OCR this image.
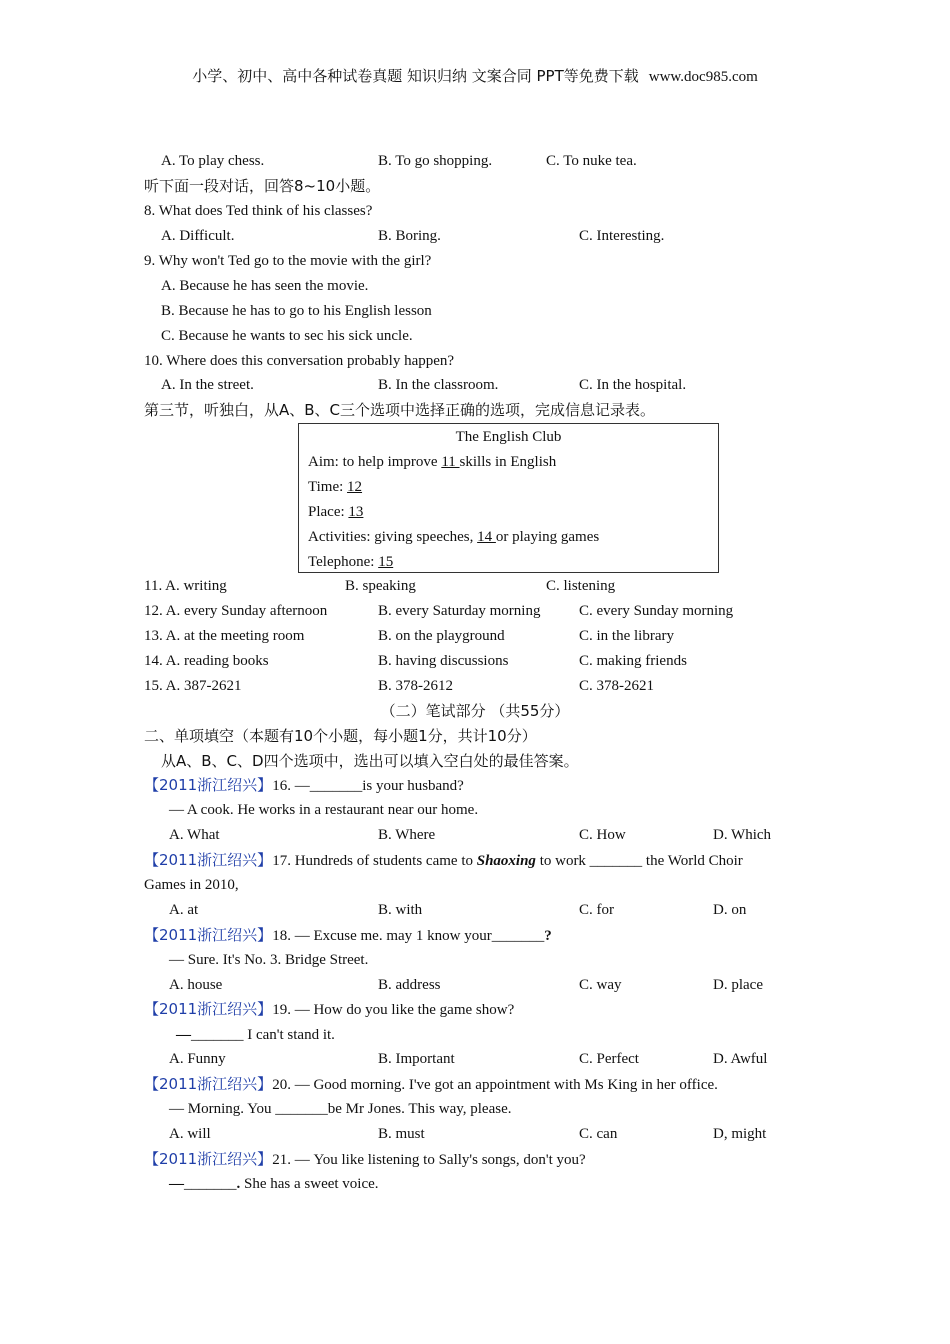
小学、初中、高中各种试卷真题 知识归纳 文案合同 PPT等免费下载 www.doc985.com
A. To play chess.	B. To go shopping.	C. To nuke tea.
听下面一段对话，回答8~10小题。
8. What does Ted think of his classes?
A. Difficult.	B. Boring.	C. Interesting.
9. Why won't Ted go to the movie with the girl?
A. Because he has seen the movie.
B. Because he has to go to his English lesson
C. Because he wants to sec his sick uncle.
10. Where does this conversation probably happen?
A. In the street.	B. In the classroom.	C. In the hospital.
第三节，听独白，从A、B、C三个选项中选择正确的选项，完成信息记录表。
The English Club
Aim: to help improve 11 skills in English
Time: 12
Place: 13
Activities: giving speeches, 14 or playing games
Telephone: 15
11. A. writing	B. speaking	C. listening
12. A. every Sunday afternoon	B. every Saturday morning	C. every Sunday morning
13. A. at the meeting room	B. on the playground	C. in the library
14. A. reading books	B. having discussions	C. making friends
15. A. 387-2621	B. 378-2612	C. 378-2621
（二）笔试部分 （共55分）
二、单项填空（本题有10个小题，每小题1分，共计10分）
从A、B、C、D四个选项中，选出可以填入空白处的最佳答案。
【2011浙江绍兴】16. —_______is your husband?
— A cook. He works in a restaurant near our home.
A. What	B. Where	C. How	D. Which
【2011浙江绍兴】17. Hundreds of students came to Shaoxing to work _______ the World Choir
Games in 2010,
A. at	B. with	C. for	D. on
【2011浙江绍兴】18. — Excuse me. may 1 know your_______?
— Sure. It's No. 3. Bridge Street.
A. house	B. address	C. way	D. place
【2011浙江绍兴】19. — How do you like the game show?
—_______ I can't stand it.
A. Funny	B. Important	C. Perfect	D. Awful
【2011浙江绍兴】20. — Good morning. I've got an appointment with Ms King in her office.
— Morning. You _______be Mr Jones. This way, please.
A. will	B. must	C. can	D, might
【2011浙江绍兴】21. — You like listening to Sally's songs, don't you?
—_______. She has a sweet voice.
